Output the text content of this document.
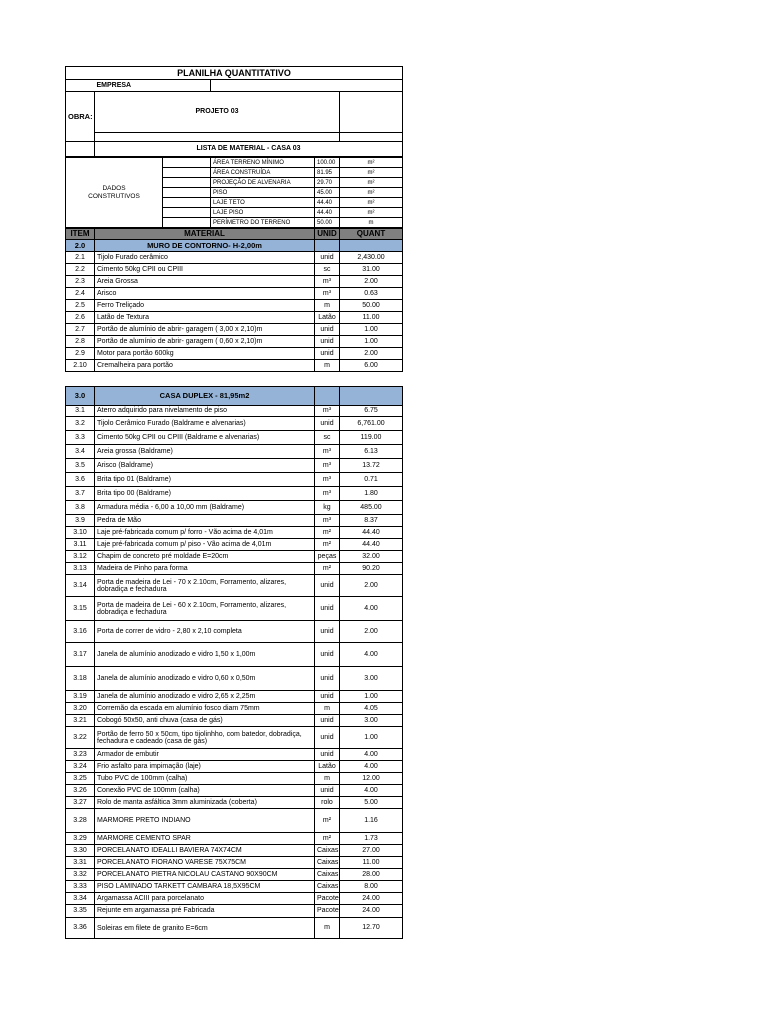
PLANILHA QUANTITATIVO			
	EMPRESA		
OBRA:	PROJETO 03		

	LISTA DE MATERIAL - CASA 03		
DADOS
CONSTRUTIVOS		ÁREA TERRENO MÍNIMO	100.00	m²
		ÁREA CONSTRUÍDA	81.95	m²
		PROJEÇÃO DE ALVENARIA	29.70	m²
		PISO	45.00	m²
		LAJE TETO	44.40	m²
		LAJE PISO	44.40	m²
		PERÍMETRO DO TERRENO	50.00	m
ITEM	MATERIAL	UNID	QUANT
2.0	MURO DE CONTORNO- H-2,00m		
2.1	Tijolo Furado cerâmico	unid	2,430.00
2.2	Cimento 50kg CPII ou CPIII	sc	31.00
2.3	Areia Grossa	m³	2.00
2.4	Arisco	m³	0.63
2.5	Ferro Treliçado	m	50.00
2.6	Latão de Textura	Latão	11.00
2.7	Portão de alumínio de abrir- garagem ( 3,00 x 2,10)m	unid	1.00
2.8	Portão de alumínio de abrir- garagem ( 0,60 x 2,10)m	unid	1.00
2.9	Motor para portão 600kg	unid	2.00
2.10	Cremalheira para portão	m	6.00

3.0	CASA DUPLEX - 81,95m2		
3.1	Aterro adquirido para nivelamento de piso	m³	6.75
3.2	Tijolo Cerâmico Furado (Baldrame e alvenarias)	unid	6,761.00
3.3	Cimento 50kg CPII ou CPIII (Baldrame e alvenarias)	sc	119.00
3.4	Areia grossa (Baldrame)	m³	6.13
3.5	Arisco (Baldrame)	m³	13.72
3.6	Brita tipo 01 (Baldrame)	m³	0.71
3.7	Brita tipo 00 (Baldrame)	m³	1.80
3.8	Armadura média - 6,00 a 10,00 mm (Baldrame)	kg	485.00
3.9	Pedra de Mão	m³	8.37
3.10	Laje pré-fabricada comum p/ forro - Vão acima de 4,01m	m²	44.40
3.11	Laje pré-fabricada comum p/ piso - Vão acima de 4,01m	m²	44.40
3.12	Chapim de concreto pré moldade E=20cm	peças	32.00
3.13	Madeira de Pinho para forma	m²	90.20
3.14	Porta de madeira de Lei - 70 x 2.10cm, Forramento, alizares, dobradiça e fechadura	unid	2.00
3.15	Porta de madeira de Lei - 60 x 2.10cm, Forramento, alizares, dobradiça e fechadura	unid	4.00
3.16	Porta de correr de vidro - 2,80 x 2,10 completa	unid	2.00
3.17	Janela de alumínio anodizado e vidro 1,50 x 1,00m	unid	4.00
3.18	Janela de alumínio anodizado e vidro 0,60 x 0,50m	unid	3.00
3.19	Janela de alumínio anodizado e vidro 2,65 x 2,25m	unid	1.00
3.20	Corremão da escada em alumínio fosco diam 75mm	m	4.05
3.21	Cobogó 50x50, anti chuva (casa de gás)	unid	3.00
3.22	Portão de ferro 50 x 50cm, tipo tijolinhho, com batedor, dobradiça, fechadura e cadeado (casa de gás)	unid	1.00
3.23	Armador de embutir	unid	4.00
3.24	Frio asfalto para impimação (laje)	Latão	4.00
3.25	Tubo PVC de 100mm (calha)	m	12.00
3.26	Conexão PVC de 100mm (calha)	unid	4.00
3.27	Rolo de manta asfáltica 3mm aluminizada (coberta)	rolo	5.00
3.28	MARMORE PRETO INDIANO	m²	1.16
3.29	MARMORE CEMENTO SPAR	m²	1.73
3.30	PORCELANATO IDEALLI BAVIERA 74X74CM	Caixas	27.00
3.31	PORCELANATO FIORANO VARESE 75X75CM	Caixas	11.00
3.32	PORCELANATO PIETRA NICOLAU CASTANO 90X90CM	Caixas	28.00
3.33	PISO LAMINADO TARKETT CAMBARA 18,5X95CM	Caixas	8.00
3.34	Argamassa ACIII para porcelanato	Pacote	24.00
3.35	Rejunte em argamassa pré Fabricada	Pacote	24.00
3.36	Soleiras em filete de granito E=6cm	m	12.70
